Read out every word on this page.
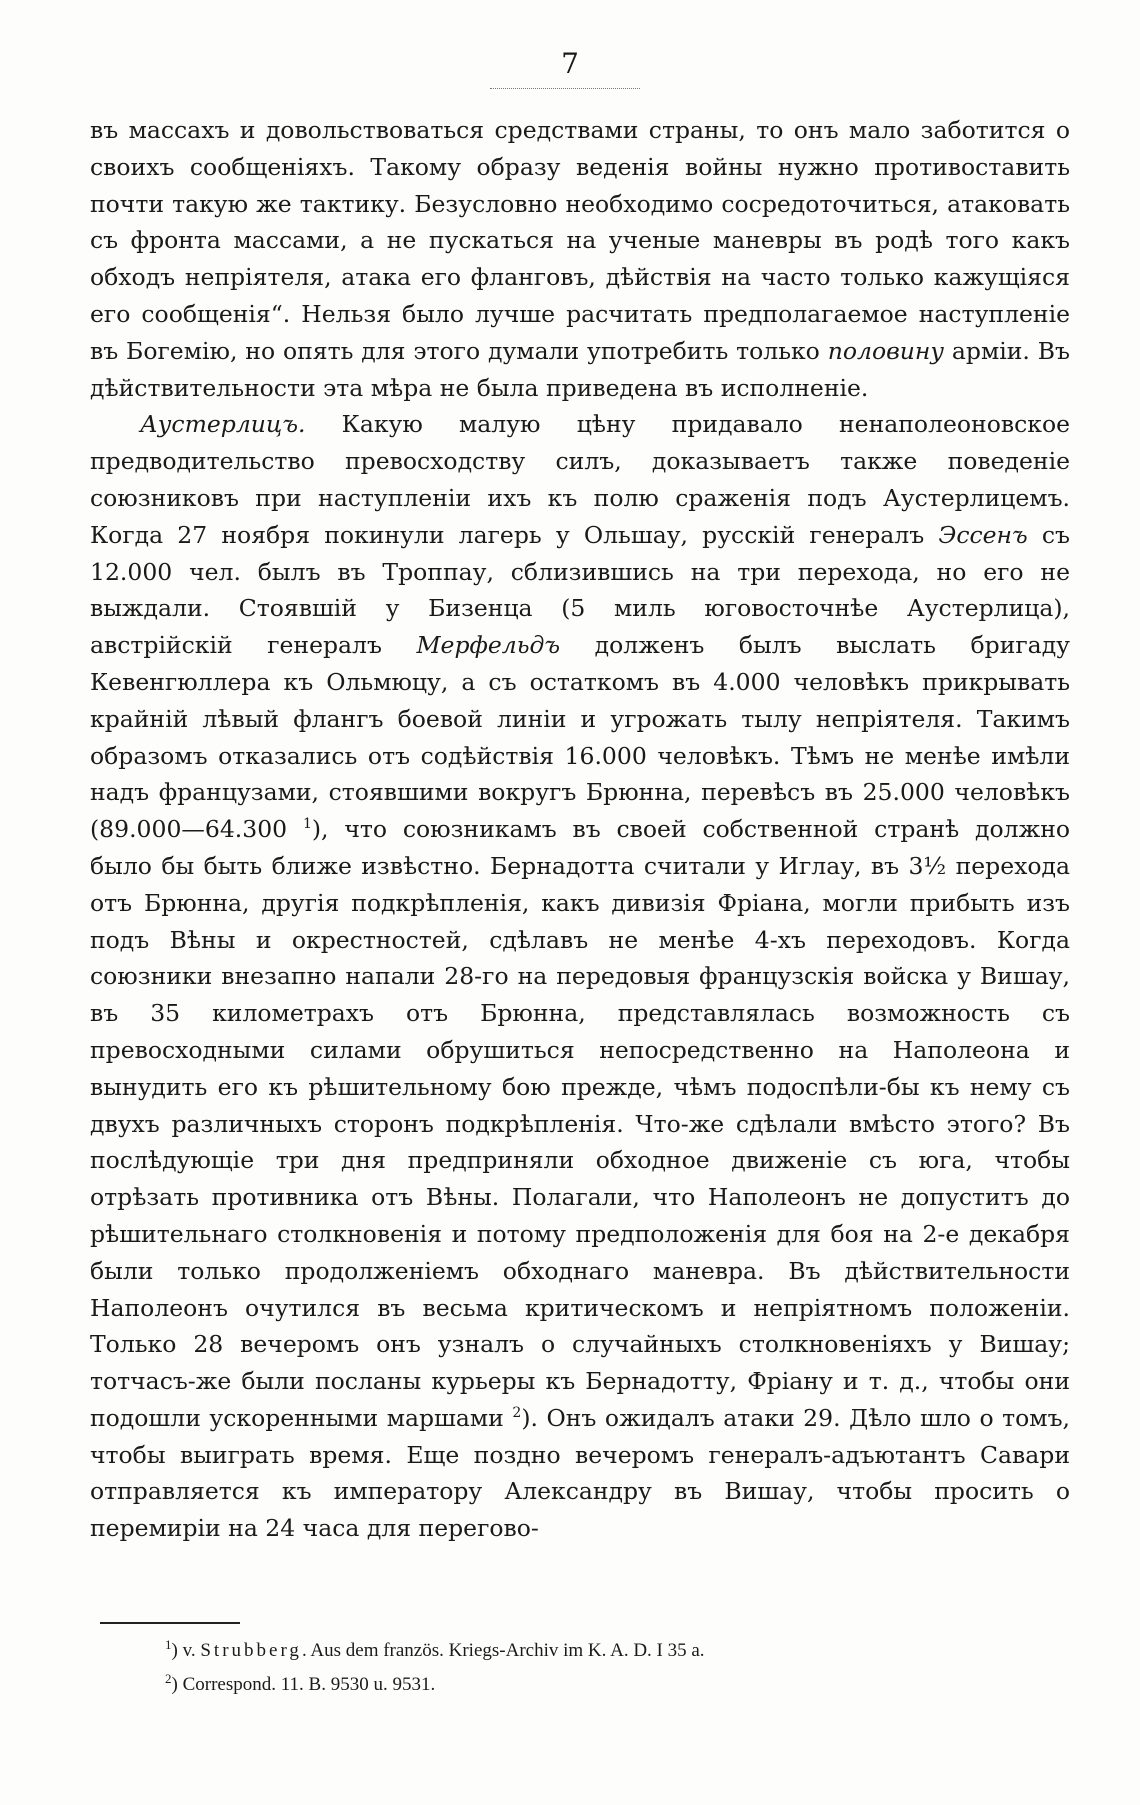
7

въ массахъ и довольствоваться средствами страны, то онъ мало заботится о своихъ сообщеніяхъ. Такому образу веденія войны нужно противоставить почти такую же тактику. Безусловно необходимо сосредоточиться, атаковать съ фронта массами, а не пускаться на ученые маневры въ родѣ того какъ обходъ непріятеля, атака его фланговъ, дѣйствія на часто только кажущіяся его сообщенія“. Нельзя было лучше расчитать предполагаемое наступленіе въ Богемію, но опять для этого думали употребить только половину арміи. Въ дѣйствительности эта мѣра не была приведена въ исполненіе.

Аустерлицъ. Какую малую цѣну придавало ненаполеоновское предводительство превосходству силъ, доказываетъ также поведеніе союзниковъ при наступленіи ихъ къ полю сраженія подъ Аустерлицемъ. Когда 27 ноября покинули лагерь у Ольшау, русскій генералъ Эссенъ съ 12.000 чел. былъ въ Троппау, сблизившись на три перехода, но его не выждали. Стоявшій у Бизенца (5 миль юговосточнѣе Аустерлица), австрійскій генералъ Мерфельдъ долженъ былъ выслать бригаду Кевенгюллера къ Ольмюцу, а съ остаткомъ въ 4.000 человѣкъ прикрывать крайній лѣвый флангъ боевой линіи и угрожать тылу непріятеля. Такимъ образомъ отказались отъ содѣйствія 16.000 человѣкъ. Тѣмъ не менѣе имѣли надъ французами, стоявшими вокругъ Брюнна, перевѣсъ въ 25.000 человѣкъ (89.000—64.300 $^1$), что союзникамъ въ своей собственной странѣ должно было бы быть ближе извѣстно. Бернадотта считали у Иглау, въ 3½ перехода отъ Брюнна, другія подкрѣпленія, какъ дивизія Фріана, могли прибыть изъ подъ Вѣны и окрестностей, сдѣлавъ не менѣе 4-хъ переходовъ. Когда союзники внезапно напали 28-го на передовыя французскія войска у Вишау, въ 35 километрахъ отъ Брюнна, представлялась возможность съ превосходными силами обрушиться непосредственно на Наполеона и вынудить его къ рѣшительному бою прежде, чѣмъ подоспѣли-бы къ нему съ двухъ различныхъ сторонъ подкрѣпленія. Что-же сдѣлали вмѣсто этого? Въ послѣдующіе три дня предприняли обходное движеніе съ юга, чтобы отрѣзать противника отъ Вѣны. Полагали, что Наполеонъ не допуститъ до рѣшительнаго столкновенія и потому предположенія для боя на 2-е декабря были только продолженіемъ обходнаго маневра. Въ дѣйствительности Наполеонъ очутился въ весьма критическомъ и непріятномъ положеніи. Только 28 вечеромъ онъ узналъ о случайныхъ столкновеніяхъ у Вишау; тотчасъ-же были посланы курьеры къ Бернадотту, Фріану и т. д., чтобы они подошли ускоренными маршами $^2$). Онъ ожидалъ атаки 29. Дѣло шло о томъ, чтобы выиграть время. Еще поздно вечеромъ генералъ-адъютантъ Савари отправляется къ императору Александру въ Вишау, чтобы просить о перемиріи на 24 часа для перегово-

$^1$) v. Strubberg. Aus dem französ. Kriegs-Archiv im K. A. D. I 35 a.
$^2$) Correspond. 11. B. 9530 u. 9531.
